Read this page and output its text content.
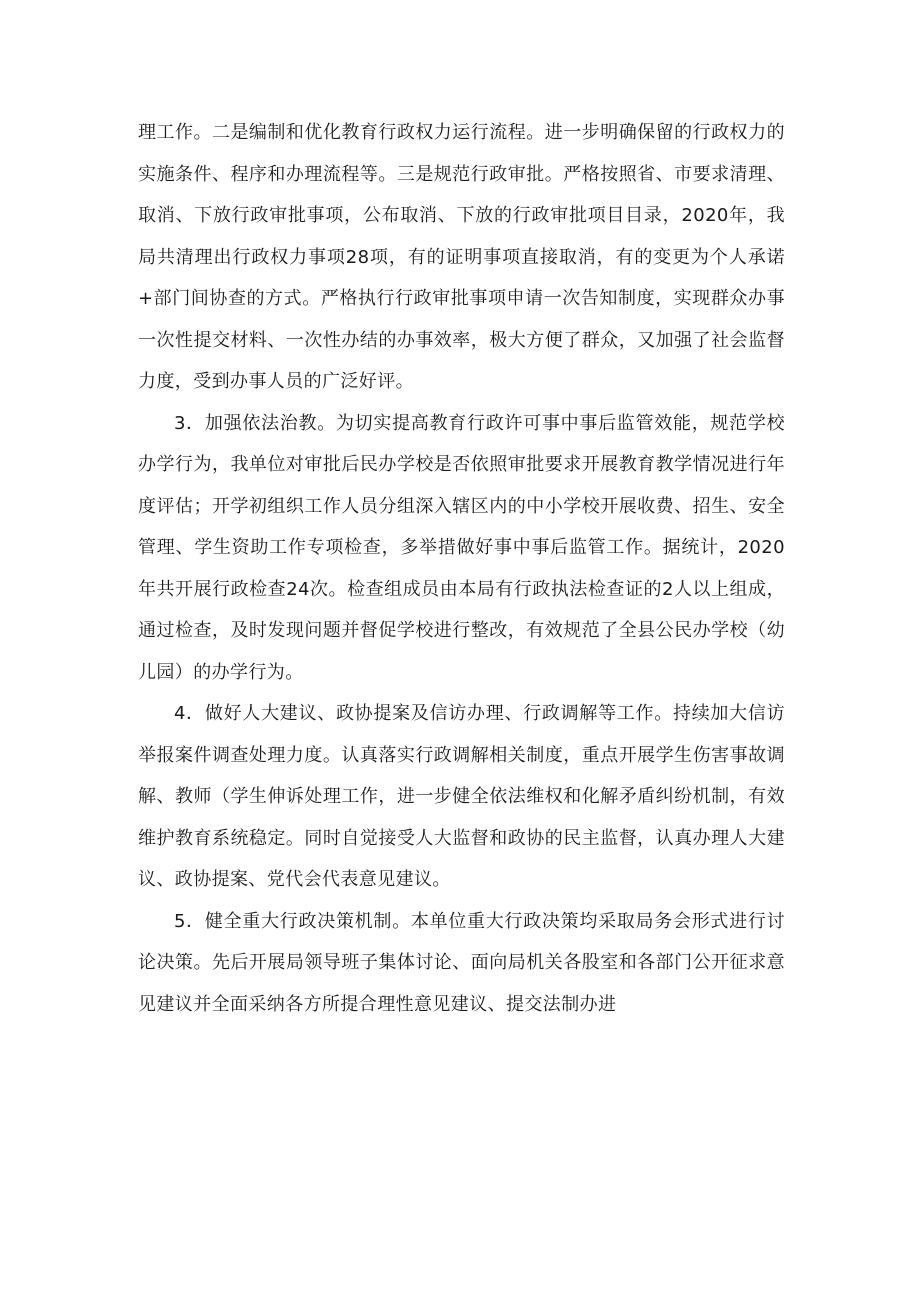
理工作。二是编制和优化教育行政权力运行流程。进一步明确保留的行政权力的实施条件、程序和办理流程等。三是规范行政审批。严格按照省、市要求清理、取消、下放行政审批事项，公布取消、下放的行政审批项目目录，2020年，我局共清理出行政权力事项28项，有的证明事项直接取消，有的变更为个人承诺+部门间协查的方式。严格执行行政审批事项申请一次告知制度，实现群众办事一次性提交材料、一次性办结的办事效率，极大方便了群众，又加强了社会监督力度，受到办事人员的广泛好评。

3．加强依法治教。为切实提高教育行政许可事中事后监管效能，规范学校办学行为，我单位对审批后民办学校是否依照审批要求开展教育教学情况进行年度评估；开学初组织工作人员分组深入辖区内的中小学校开展收费、招生、安全管理、学生资助工作专项检查，多举措做好事中事后监管工作。据统计，2020年共开展行政检查24次。检查组成员由本局有行政执法检查证的2人以上组成，通过检查，及时发现问题并督促学校进行整改，有效规范了全县公民办学校（幼儿园）的办学行为。

4．做好人大建议、政协提案及信访办理、行政调解等工作。持续加大信访举报案件调查处理力度。认真落实行政调解相关制度，重点开展学生伤害事故调解、教师（学生伸诉处理工作，进一步健全依法维权和化解矛盾纠纷机制，有效维护教育系统稳定。同时自觉接受人大监督和政协的民主监督，认真办理人大建议、政协提案、党代会代表意见建议。

5．健全重大行政决策机制。本单位重大行政决策均采取局务会形式进行讨论决策。先后开展局领导班子集体讨论、面向局机关各股室和各部门公开征求意见建议并全面采纳各方所提合理性意见建议、提交法制办进
